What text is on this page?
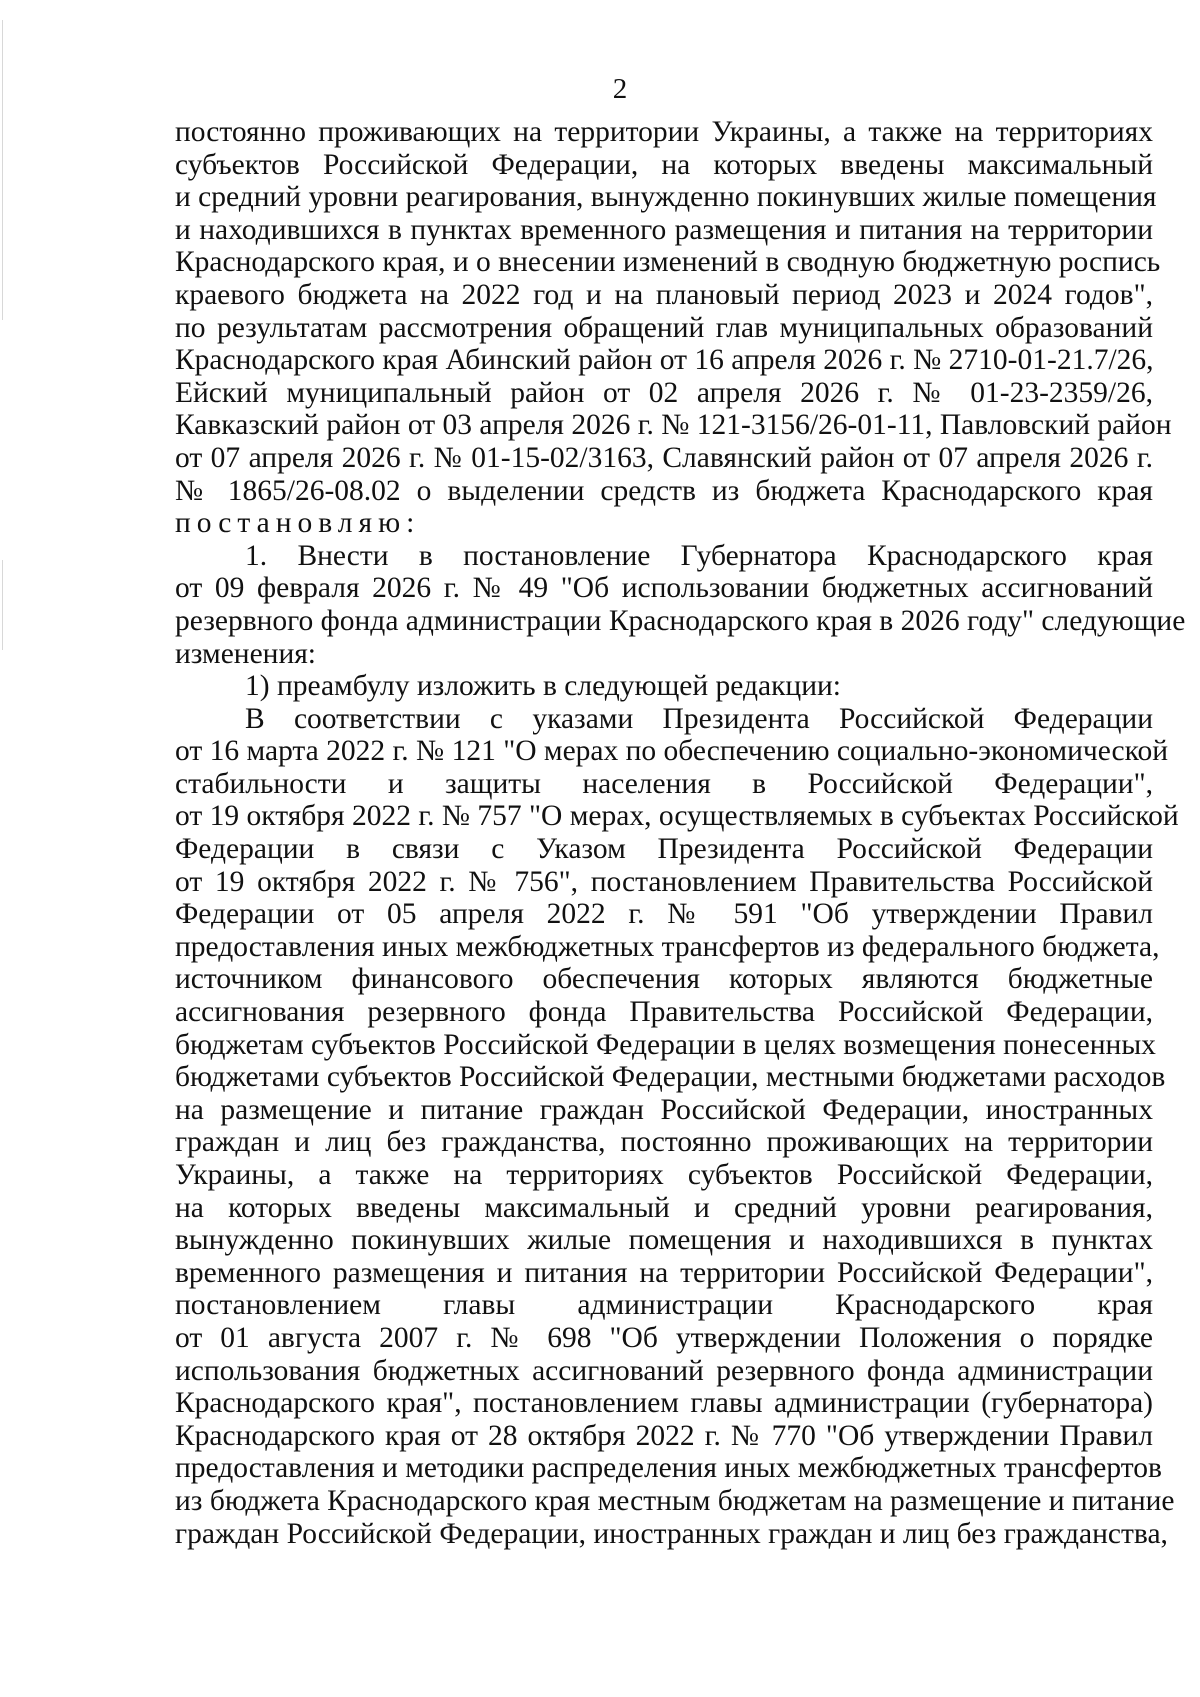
2
постоянно проживающих на территории Украины, а также на территориях
субъектов Российской Федерации, на которых введены максимальный
и средний уровни реагирования, вынужденно покинувших жилые помещения
и находившихся в пунктах временного размещения и питания на территории
Краснодарского края, и о внесении изменений в сводную бюджетную роспись
краевого бюджета на 2022 год и на плановый период 2023 и 2024 годов",
по результатам рассмотрения обращений глав муниципальных образований
Краснодарского края Абинский район от 16 апреля 2026 г. № 2710-01-21.7/26,
Ейский муниципальный район от 02 апреля 2026 г. № 01-23-2359/26,
Кавказский район от 03 апреля 2026 г. № 121-3156/26-01-11, Павловский район
от 07 апреля 2026 г. № 01-15-02/3163, Славянский район от 07 апреля 2026 г.
№ 1865/26-08.02 о выделении средств из бюджета Краснодарского края
постановляю:
1. Внести в постановление Губернатора Краснодарского края
от 09 февраля 2026 г. № 49 "Об использовании бюджетных ассигнований
резервного фонда администрации Краснодарского края в 2026 году" следующие
изменения:
1) преамбулу изложить в следующей редакции:
В соответствии с указами Президента Российской Федерации
от 16 марта 2022 г. № 121 "О мерах по обеспечению социально-экономической
стабильности и защиты населения в Российской Федерации",
от 19 октября 2022 г. № 757 "О мерах, осуществляемых в субъектах Российской
Федерации в связи с Указом Президента Российской Федерации
от 19 октября 2022 г. № 756", постановлением Правительства Российской
Федерации от 05 апреля 2022 г. № 591 "Об утверждении Правил
предоставления иных межбюджетных трансфертов из федерального бюджета,
источником финансового обеспечения которых являются бюджетные
ассигнования резервного фонда Правительства Российской Федерации,
бюджетам субъектов Российской Федерации в целях возмещения понесенных
бюджетами субъектов Российской Федерации, местными бюджетами расходов
на размещение и питание граждан Российской Федерации, иностранных
граждан и лиц без гражданства, постоянно проживающих на территории
Украины, а также на территориях субъектов Российской Федерации,
на которых введены максимальный и средний уровни реагирования,
вынужденно покинувших жилые помещения и находившихся в пунктах
временного размещения и питания на территории Российской Федерации",
постановлением главы администрации Краснодарского края
от 01 августа 2007 г. № 698 "Об утверждении Положения о порядке
использования бюджетных ассигнований резервного фонда администрации
Краснодарского края", постановлением главы администрации (губернатора)
Краснодарского края от 28 октября 2022 г. № 770 "Об утверждении Правил
предоставления и методики распределения иных межбюджетных трансфертов
из бюджета Краснодарского края местным бюджетам на размещение и питание
граждан Российской Федерации, иностранных граждан и лиц без гражданства,
